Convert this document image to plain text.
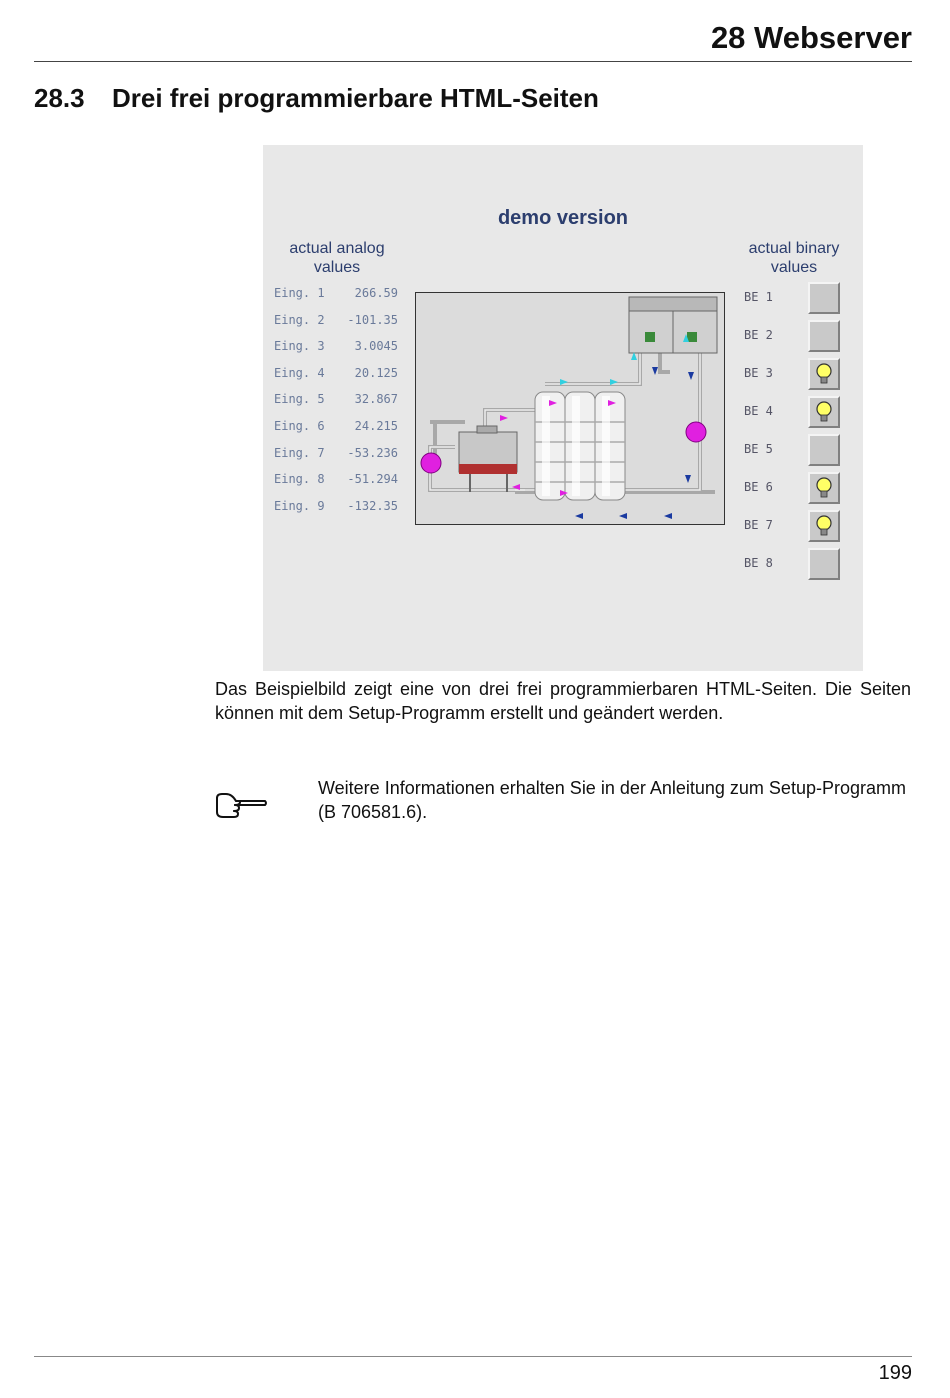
28 Webserver
28.3 Drei frei programmierbare HTML-Seiten
demo version
actual analog
values
actual binary
values
Eing. 1	266.59
Eing. 2 -101.35
Eing. 3	3.0045
Eing. 4	20.125
Eing. 5	32.867
Eing. 6	24.215
Eing. 7 -53.236
Eing. 8 -51.294
Eing. 9 -132.35
BE 1
BE 2
BE 3
BE 4
BE 5
BE 6
BE 7
BE 8
Das Beispielbild zeigt eine von drei frei programmierbaren HTML-Seiten. Die Seiten können mit dem Setup-Programm erstellt und geändert werden.
Weitere Informationen erhalten Sie in der Anleitung zum Setup-Programm (B 706581.6).
199
